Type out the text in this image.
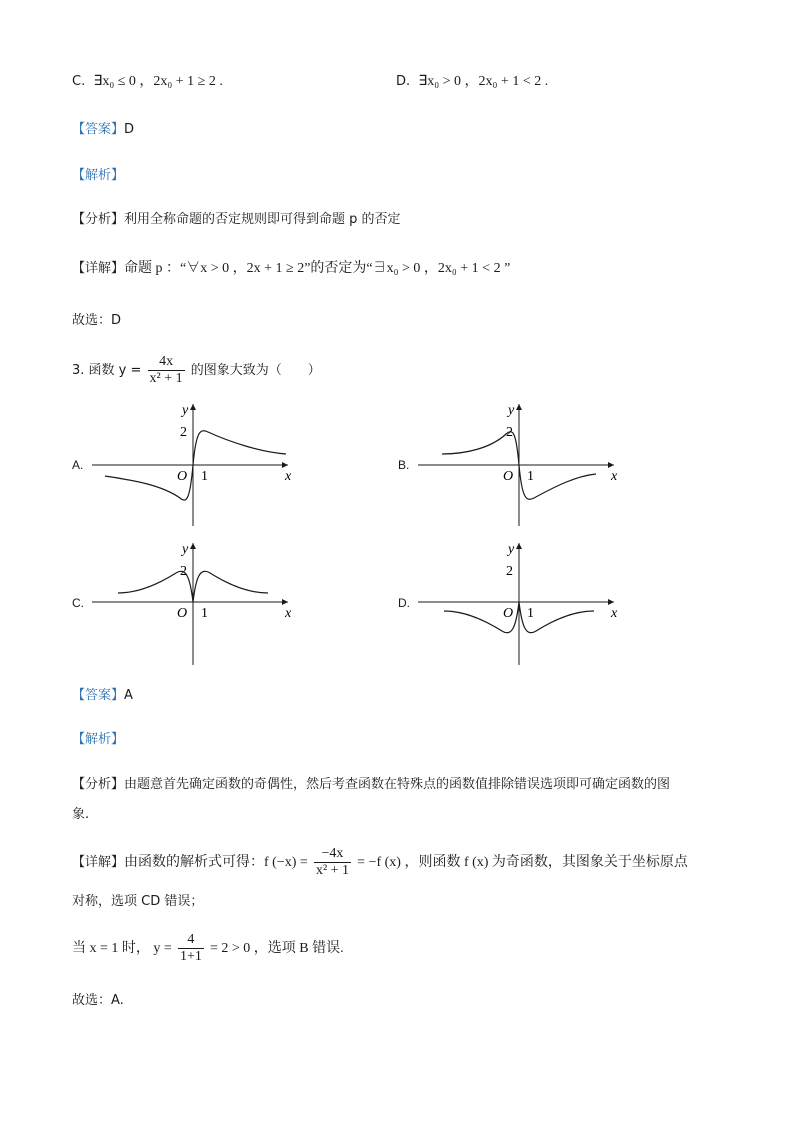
C. ∃x₀ ≤ 0 ，2x₀ + 1 ≥ 2 .	D. ∃x₀ > 0 ，2x₀ + 1 < 2 .
【答案】D
【解析】
【分析】利用全称命题的否定规则即可得到命题 p 的否定
【详解】命题 p ：“∀x > 0 ，2x + 1 ≥ 2”的否定为“∃x₀ > 0 ，2x₀ + 1 < 2 ”
故选：D
3. 函数 $y = \frac{4x}{\text{x² + 1}}$ 的图象大致为（　　）
A.
y
x
O 1
2
B.
y
x
O 1
2
C.
y
x
O 1
2
D.
y
x
O 1
2
【答案】A
【解析】
【分析】由题意首先确定函数的奇偶性，然后考查函数在特殊点的函数值排除错误选项即可确定函数的图
象.
【详解】由函数的解析式可得：f $(-x) = \frac{-4x}{\text{x² + 1}} = -f$ (x) ，则函数 f (x) 为奇函数，其图象关于坐标原点
对称，选项 CD 错误；
当 x = 1 时， $y = \frac{4}{1+1} = 2 > 0$ ，选项 B 错误.
故选：A.
